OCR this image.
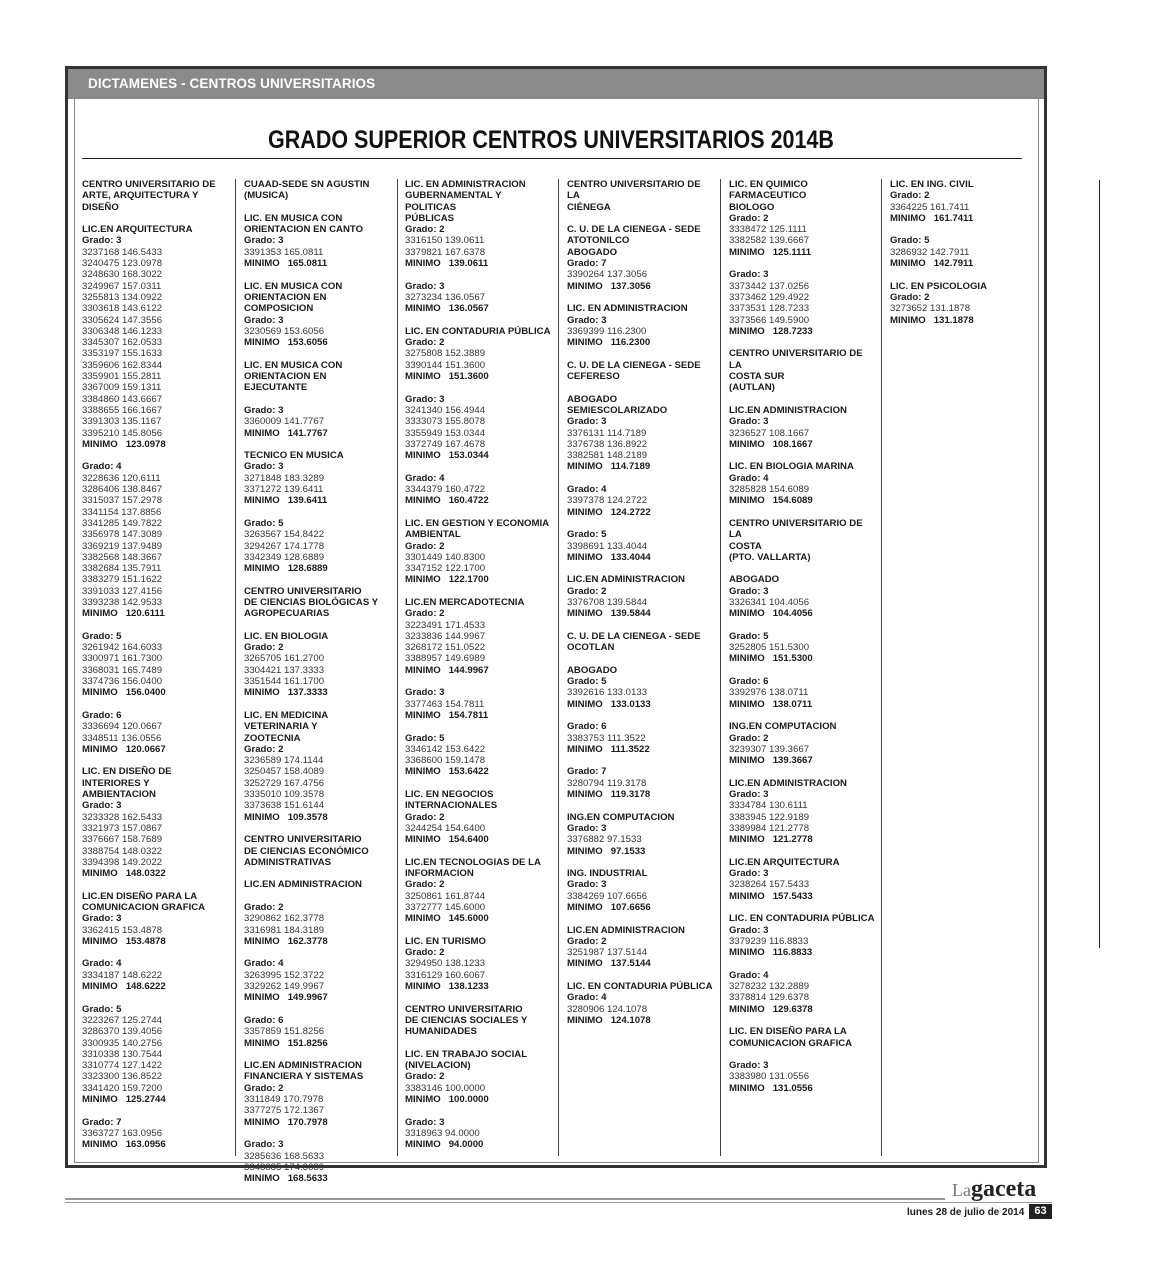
DICTAMENES - CENTROS UNIVERSITARIOS
GRADO SUPERIOR CENTROS UNIVERSITARIOS 2014B
CENTRO UNIVERSITARIO DE
ARTE, ARQUITECTURA Y DISEÑO
LIC.EN ARQUITECTURA
Grado: 3
3237168 146.5433
3240475 123.0978
3248630 168.3022
3249967 157.0311
3255813 134.0922
3303618 143.6122
3305624 147.3556
3306348 146.1233
3345307 162.0533
3353197 155.1633
3359606 162.8344
3359901 155.2811
3367009 159.1311
3384860 143.6667
3388655 166.1667
3391303 135.1167
3395210 145.8056
MINIMO   123.0978
Grado: 4
3228636 120.6111
3286406 138.8467
3315037 157.2978
3341154 137.8856
3341285 149.7822
3356978 147.3089
3369219 137.9489
3382568 148.3667
3382684 135.7911
3383279 151.1622
3391033 127.4156
3393238 142.9533
MINIMO   120.6111
Grado: 5
3261942 164.6033
3300971 161.7300
3368031 165.7489
3374736 156.0400
MINIMO   156.0400
Grado: 6
3336694 120.0667
3348511 136.0556
MINIMO   120.0667
LIC. EN DISEÑO DE INTERIORES Y
AMBIENTACION
Grado: 3
3233328 162.5433
3321973 157.0867
3376667 158.7689
3388754 148.0322
3394398 149.2022
MINIMO   148.0322
LIC.EN DISEÑO PARA LA
COMUNICACION GRAFICA
Grado: 3
3362415 153.4878
MINIMO   153.4878
Grado: 4
3334187 148.6222
MINIMO   148.6222
Grado: 5
3223267 125.2744
3286370 139.4056
3300935 140.2756
3310338 130.7544
3310774 127.1422
3323300 136.8522
3341420 159.7200
MINIMO   125.2744
Grado: 7
3363727 163.0956
MINIMO   163.0956
CUAAD-SEDE SN AGUSTIN
(MUSICA)
LIC. EN MUSICA CON
ORIENTACION EN CANTO
Grado: 3
3391353 165.0811
MINIMO   165.0811
LIC. EN MUSICA CON
ORIENTACION EN COMPOSICION
Grado: 3
3230569 153.6056
MINIMO   153.6056
LIC. EN MUSICA CON
ORIENTACION EN EJECUTANTE
Grado: 3
3360009 141.7767
MINIMO   141.7767
TECNICO EN MUSICA
Grado: 3
3271848 183.3289
3371272 139.6411
MINIMO   139.6411
Grado: 5
3263567 154.8422
3294267 174.1778
3342349 128.6889
MINIMO   128.6889
CENTRO UNIVERSITARIO
DE CIENCIAS BIOLÓGICAS Y
AGROPECUARIAS
LIC. EN BIOLOGIA
Grado: 2
3265705 161.2700
3304421 137.3333
3351544 161.1700
MINIMO   137.3333
LIC. EN MEDICINA VETERINARIA Y
ZOOTECNIA
Grado: 2
3236589 174.1144
3250457 158.4089
3252729 167.4756
3335010 109.3578
3373638 151.6144
MINIMO   109.3578
CENTRO UNIVERSITARIO
DE CIENCIAS ECONÓMICO
ADMINISTRATIVAS
LIC.EN ADMINISTRACION
Grado: 2
3290862 162.3778
3316981 184.3189
MINIMO   162.3778
Grado: 4
3263995 152.3722
3329262 149.9967
MINIMO   149.9967
Grado: 6
3357859 151.8256
MINIMO   151.8256
LIC.EN ADMINISTRACION
FINANCIERA Y SISTEMAS
Grado: 2
3311849 170.7978
3377275 172.1367
MINIMO   170.7978
Grado: 3
3285636 168.5633
3348885 174.3689
MINIMO   168.5633
LIC. EN ADMINISTRACION
GUBERNAMENTAL Y POLITICAS
PÚBLICAS
Grado: 2
3316150 139.0611
3379821 167.6378
MINIMO   139.0611
Grado: 3
3273234 136.0567
MINIMO   136.0567
LIC. EN CONTADURIA PÚBLICA
Grado: 2
3275808 152.3889
3390144 151.3600
MINIMO   151.3600
Grado: 3
3241340 156.4944
3333073 155.8078
3355949 153.0344
3372749 167.4678
MINIMO   153.0344
Grado: 4
3344379 160.4722
MINIMO   160.4722
LIC. EN GESTION Y ECONOMIA
AMBIENTAL
Grado: 2
3301449 140.8300
3347152 122.1700
MINIMO   122.1700
LIC.EN MERCADOTECNIA
Grado: 2
3223491 171.4533
3233836 144.9967
3268172 151.0522
3388957 149.6989
MINIMO   144.9967
Grado: 3
3377463 154.7811
MINIMO   154.7811
Grado: 5
3346142 153.6422
3368600 159.1478
MINIMO   153.6422
LIC. EN NEGOCIOS
INTERNACIONALES
Grado: 2
3244254 154.6400
MINIMO   154.6400
LIC.EN TECNOLOGIAS DE LA
INFORMACION
Grado: 2
3250861 161.8744
3372777 145.6000
MINIMO   145.6000
LIC. EN TURISMO
Grado: 2
3294950 138.1233
3316129 160.6067
MINIMO   138.1233
CENTRO UNIVERSITARIO
DE CIENCIAS SOCIALES Y
HUMANIDADES
LIC. EN TRABAJO SOCIAL
(NIVELACION)
Grado: 2
3383146 100.0000
MINIMO   100.0000
Grado: 3
3318963 94.0000
MINIMO   94.0000
CENTRO UNIVERSITARIO DE LA
CIÉNEGA
C. U. DE LA CIENEGA - SEDE
ATOTONILCO
ABOGADO
Grado: 7
3390264 137.3056
MINIMO   137.3056
LIC. EN ADMINISTRACION
Grado: 3
3369399 116.2300
MINIMO   116.2300
C. U. DE LA CIENEGA - SEDE
CEFERESO
ABOGADO
SEMIESCOLARIZADO
Grado: 3
3376131 114.7189
3376738 136.8922
3382581 148.2189
MINIMO   114.7189
Grado: 4
3397378 124.2722
MINIMO   124.2722
Grado: 5
3398691 133.4044
MINIMO   133.4044
LIC.EN ADMINISTRACION
Grado: 2
3376708 139.5844
MINIMO   139.5844
C. U. DE LA CIENEGA - SEDE
OCOTLAN
ABOGADO
Grado: 5
3392616 133.0133
MINIMO   133.0133
Grado: 6
3383753 111.3522
MINIMO   111.3522
Grado: 7
3280794 119.3178
MINIMO   119.3178
ING.EN COMPUTACION
Grado: 3
3376882 97.1533
MINIMO   97.1533
ING. INDUSTRIAL
Grado: 3
3384269 107.6656
MINIMO   107.6656
LIC.EN ADMINISTRACION
Grado: 2
3251987 137.5144
MINIMO   137.5144
LIC. EN CONTADURIA PÚBLICA
Grado: 4
3280906 124.1078
MINIMO   124.1078
LIC. EN QUIMICO FARMACEUTICO
BIOLOGO
Grado: 2
3338472 125.1111
3382582 139.6667
MINIMO   125.1111
Grado: 3
3373442 137.0256
3373462 129.4922
3373531 128.7233
3373566 149.5900
MINIMO   128.7233
CENTRO UNIVERSITARIO DE LA
COSTA SUR
(AUTLAN)
LIC.EN ADMINISTRACION
Grado: 3
3236527 108.1667
MINIMO   108.1667
LIC. EN BIOLOGIA MARINA
Grado: 4
3285828 154.6089
MINIMO   154.6089
CENTRO UNIVERSITARIO DE LA
COSTA
(PTO. VALLARTA)
ABOGADO
Grado: 3
3326341 104.4056
MINIMO   104.4056
Grado: 5
3252805 151.5300
MINIMO   151.5300
Grado: 6
3392976 138.0711
MINIMO   138.0711
ING.EN COMPUTACION
Grado: 2
3239307 139.3667
MINIMO   139.3667
LIC.EN ADMINISTRACION
Grado: 3
3334784 130.6111
3383945 122.9189
3389984 121.2778
MINIMO   121.2778
LIC.EN ARQUITECTURA
Grado: 3
3238264 157.5433
MINIMO   157.5433
LIC. EN CONTADURIA PÚBLICA
Grado: 3
3379239 116.8833
MINIMO   116.8833
Grado: 4
3278232 132.2889
3378814 129.6378
MINIMO   129.6378
LIC. EN DISEÑO PARA LA
COMUNICACION GRAFICA
Grado: 3
3383980 131.0556
MINIMO   131.0556
LIC. EN ING. CIVIL
Grado: 2
3364225 161.7411
MINIMO   161.7411
Grado: 5
3286932 142.7911
MINIMO   142.7911
LIC. EN PSICOLOGIA
Grado: 2
3273652 131.1878
MINIMO   131.1878
Lagaceta
lunes 28 de julio de 2014 63
